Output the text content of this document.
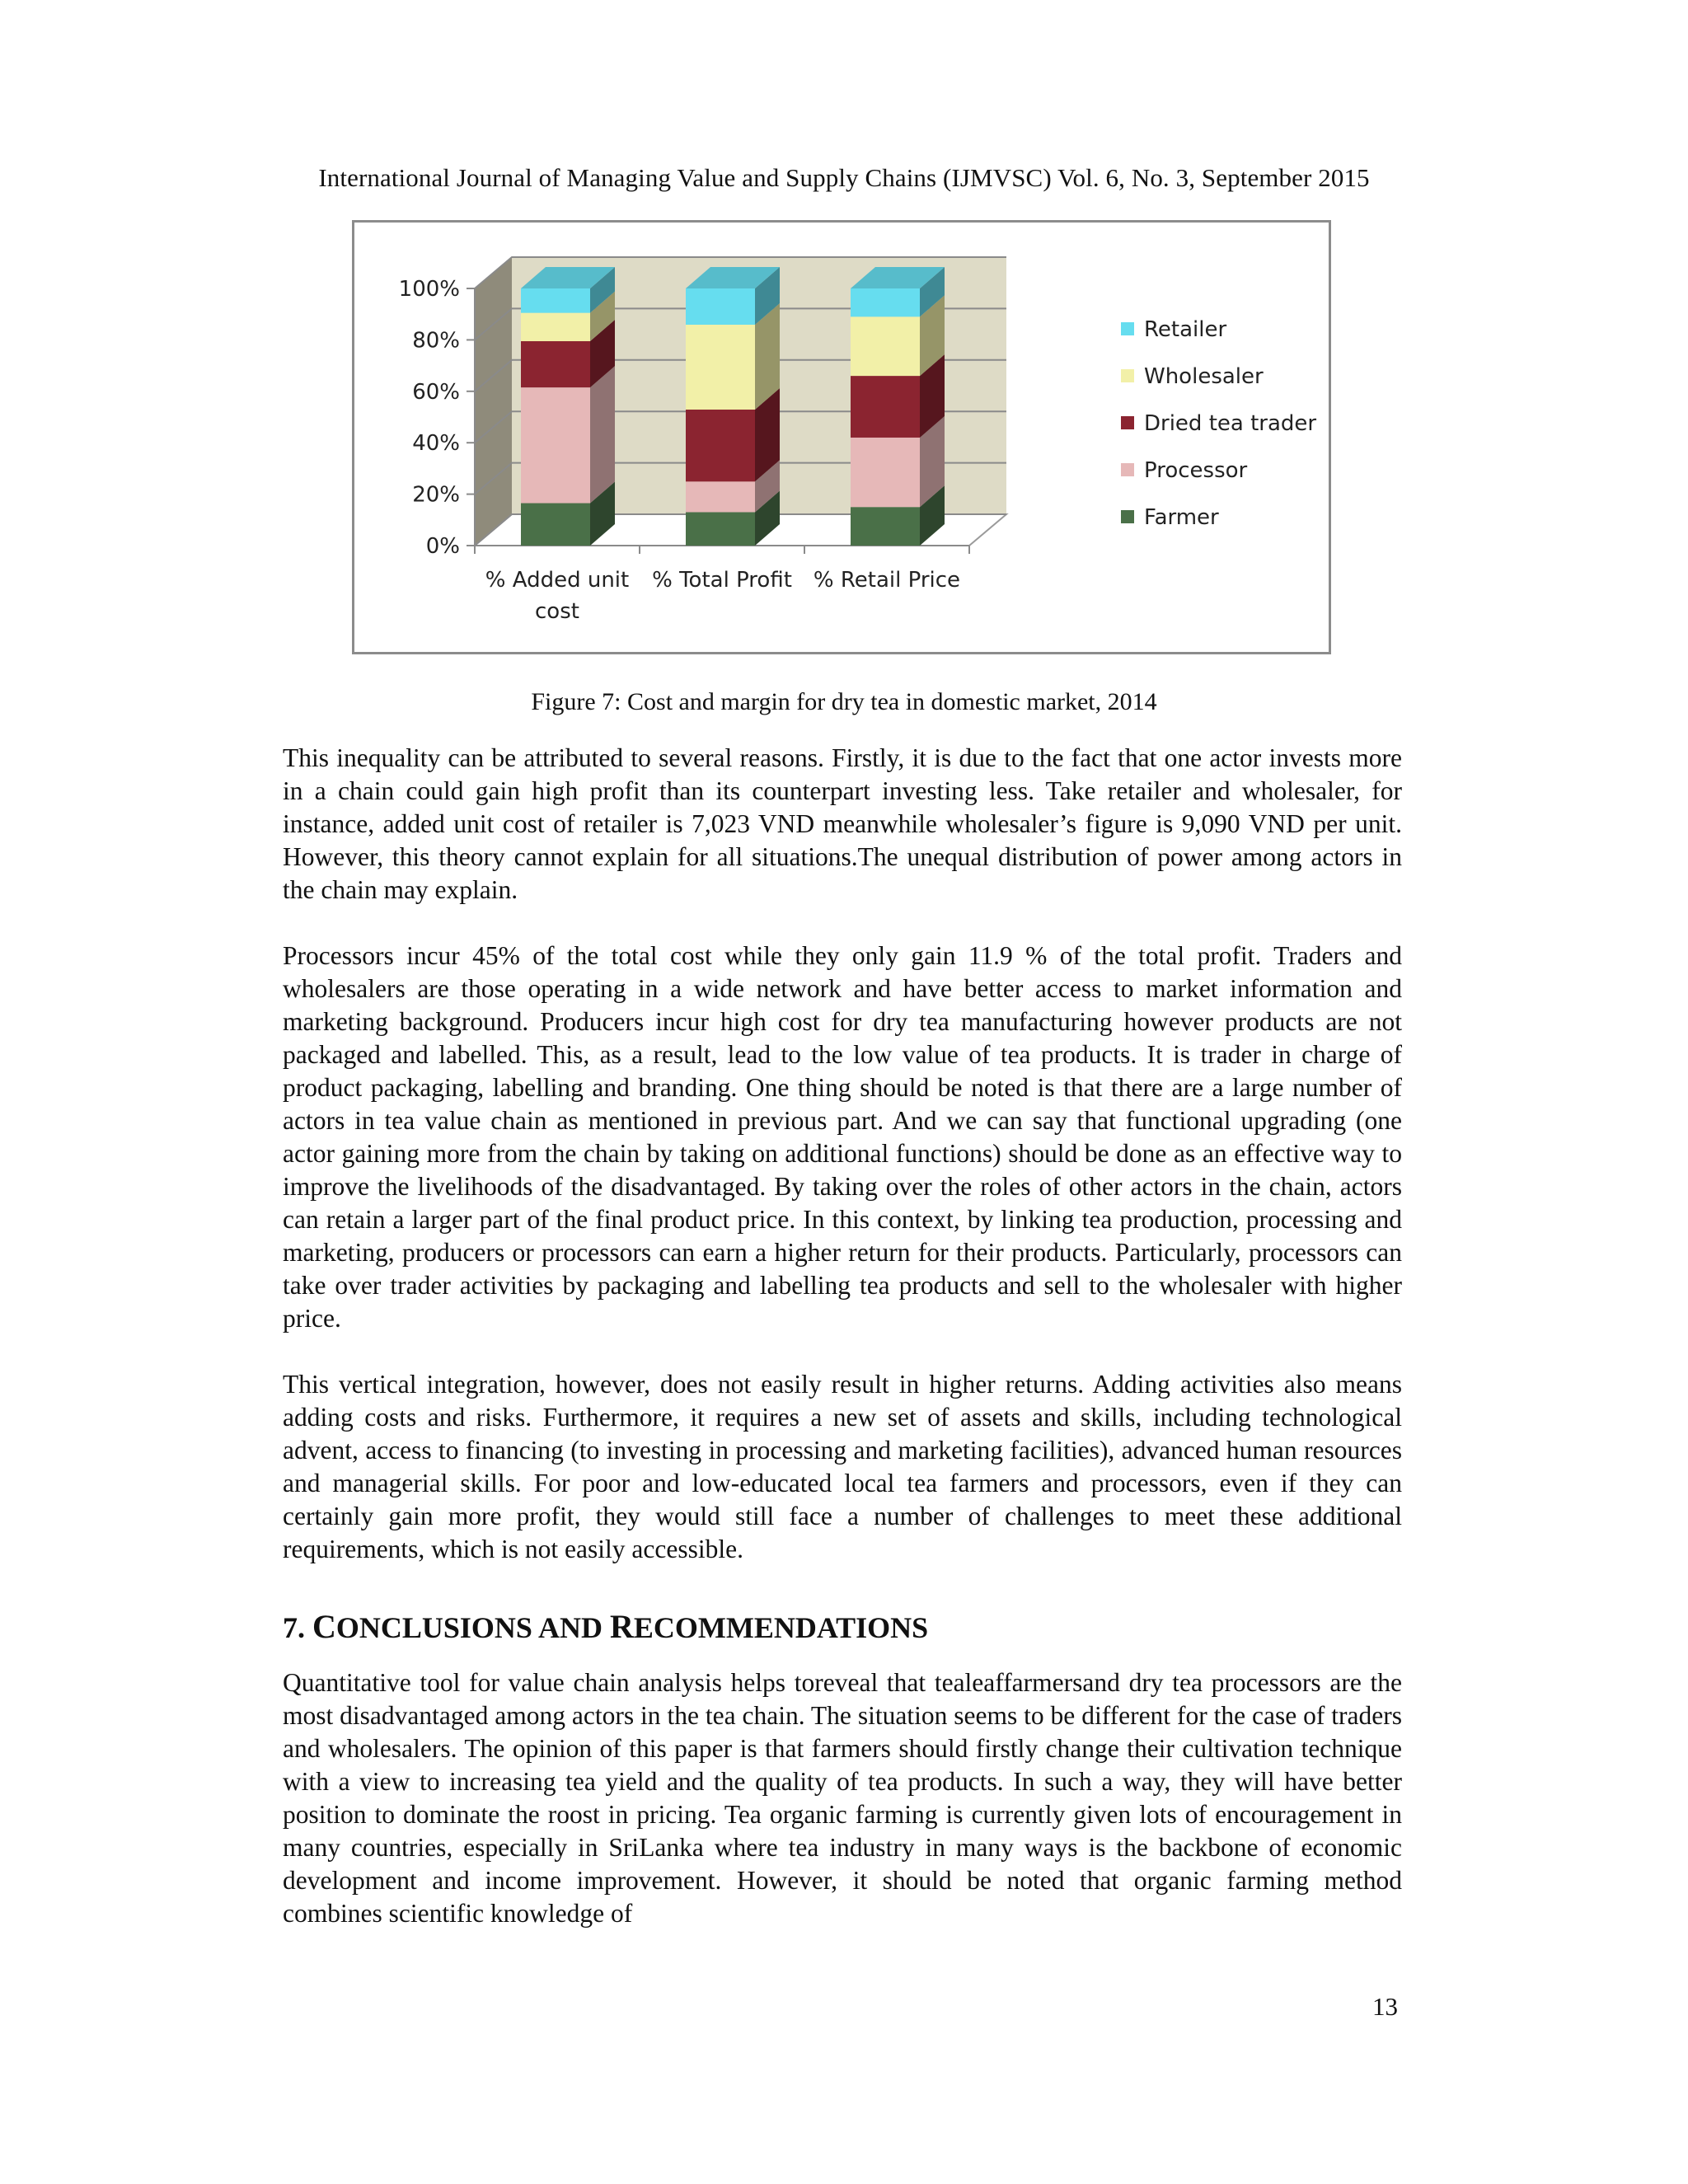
International Journal of Managing Value and Supply Chains (IJMVSC) Vol. 6, No. 3, September 2015
0%
20%
40%
60%
80%
100%
% Added unit
cost
% Total Profit % Retail Price
Retailer
Wholesaler
Dried tea trader
Processor
Farmer
Figure 7: Cost and margin for dry tea in domestic market, 2014

This inequality can be attributed to several reasons. Firstly, it is due to the fact that one actor invests more in a chain could gain high profit than its counterpart investing less. Take retailer and wholesaler, for instance, added unit cost of retailer is 7,023 VND meanwhile wholesaler’s figure is 9,090 VND per unit. However, this theory cannot explain for all situations.The unequal distribution of power among actors in the chain may explain.

Processors incur 45% of the total cost while they only gain 11.9 % of the total profit. Traders and wholesalers are those operating in a wide network and have better access to market information and marketing background. Producers incur high cost for dry tea manufacturing however products are not packaged and labelled. This, as a result, lead to the low value of tea products. It is trader in charge of product packaging, labelling and branding. One thing should be noted is that there are a large number of actors in tea value chain as mentioned in previous part. And we can say that functional upgrading (one actor gaining more from the chain by taking on additional functions) should be done as an effective way to improve the livelihoods of the disadvantaged. By taking over the roles of other actors in the chain, actors can retain a larger part of the final product price. In this context, by linking tea production, processing and marketing, producers or processors can earn a higher return for their products. Particularly, processors can take over trader activities by packaging and labelling tea products and sell to the wholesaler with higher price.

This vertical integration, however, does not easily result in higher returns. Adding activities also means adding costs and risks. Furthermore, it requires a new set of assets and skills, including technological advent, access to financing (to investing in processing and marketing facilities), advanced human resources and managerial skills. For poor and low-educated local tea farmers and processors, even if they can certainly gain more profit, they would still face a number of challenges to meet these additional requirements, which is not easily accessible.

7. CONCLUSIONS AND RECOMMENDATIONS

Quantitative tool for value chain analysis helps toreveal that tealeaffarmersand dry tea processors are the most disadvantaged among actors in the tea chain. The situation seems to be different for the case of traders and wholesalers. The opinion of this paper is that farmers should firstly change their cultivation technique with a view to increasing tea yield and the quality of tea products. In such a way, they will have better position to dominate the roost in pricing. Tea organic farming is currently given lots of encouragement in many countries, especially in SriLanka where tea industry in many ways is the backbone of economic development and income improvement. However, it should be noted that organic farming method combines scientific knowledge of

13
